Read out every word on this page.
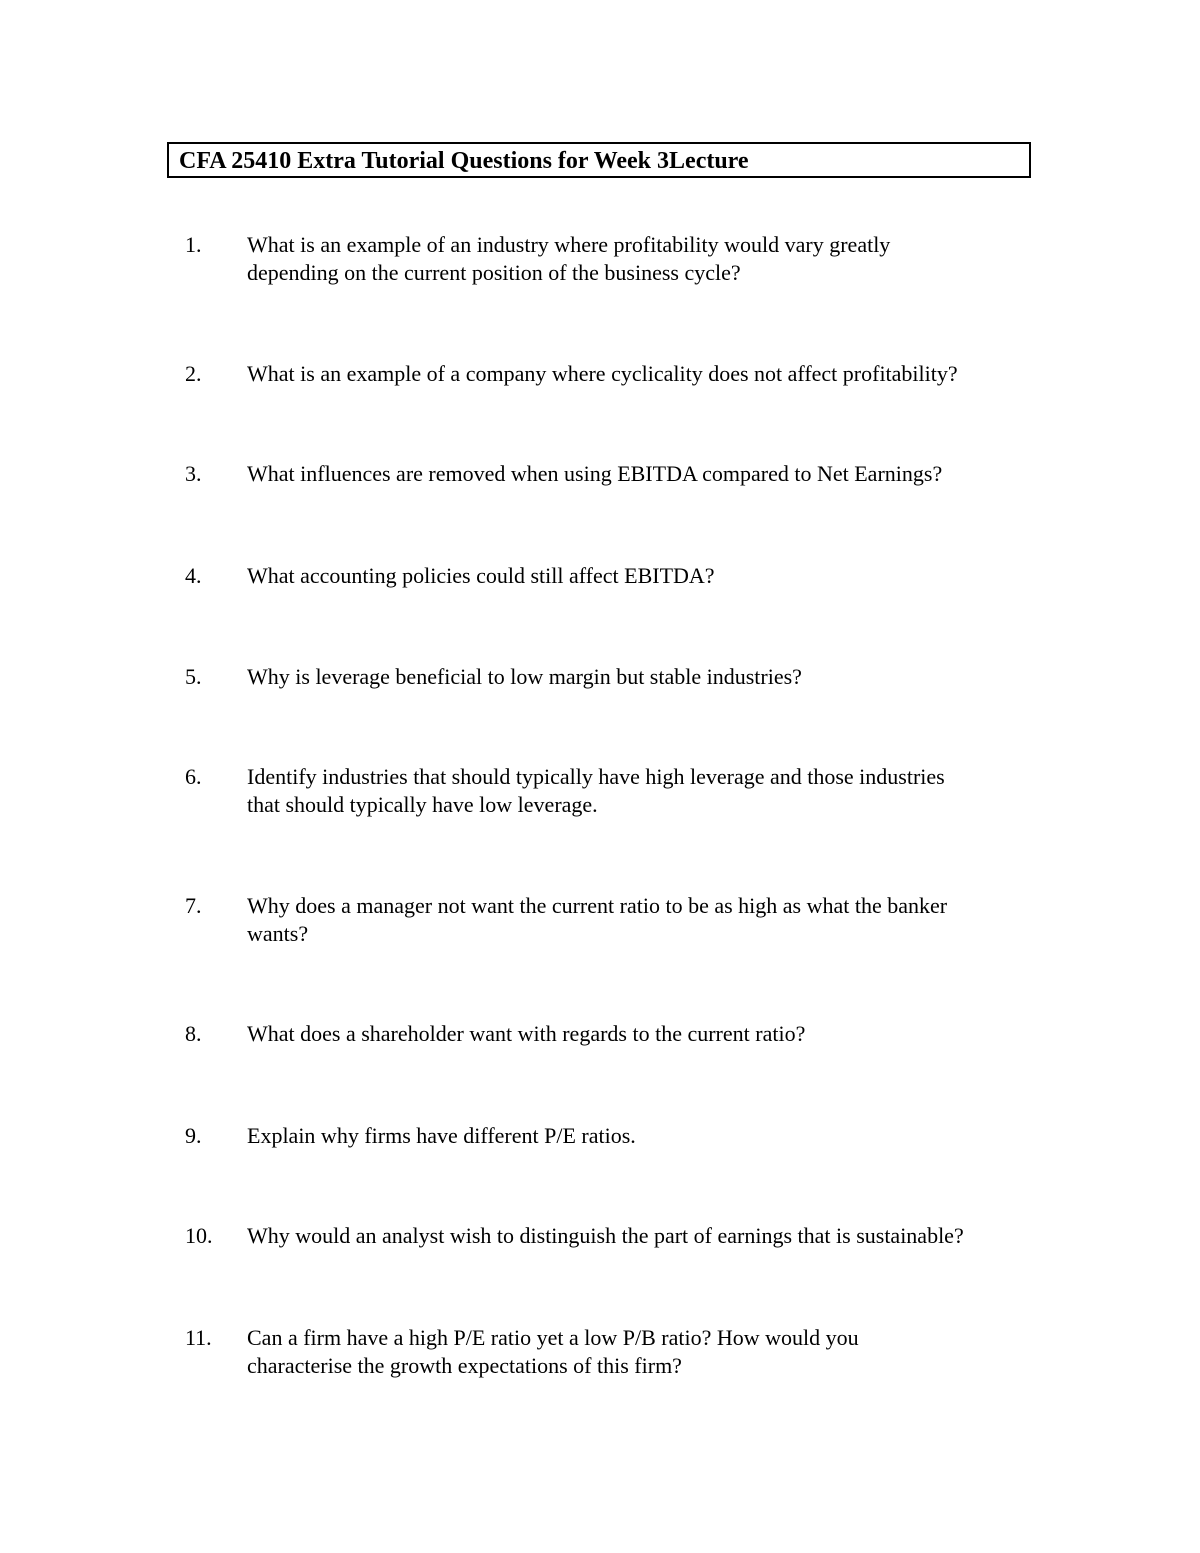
CFA 25410 Extra Tutorial Questions for Week 3Lecture
1. What is an example of an industry where profitability would vary greatly
depending on the current position of the business cycle?
2. What is an example of a company where cyclicality does not affect profitability?
3. What influences are removed when using EBITDA compared to Net Earnings?
4. What accounting policies could still affect EBITDA?
5. Why is leverage beneficial to low margin but stable industries?
6. Identify industries that should typically have high leverage and those industries
that should typically have low leverage.
7. Why does a manager not want the current ratio to be as high as what the banker
wants?
8. What does a shareholder want with regards to the current ratio?
9. Explain why firms have different P/E ratios.
10. Why would an analyst wish to distinguish the part of earnings that is sustainable?
11. Can a firm have a high P/E ratio yet a low P/B ratio? How would you
characterise the growth expectations of this firm?
